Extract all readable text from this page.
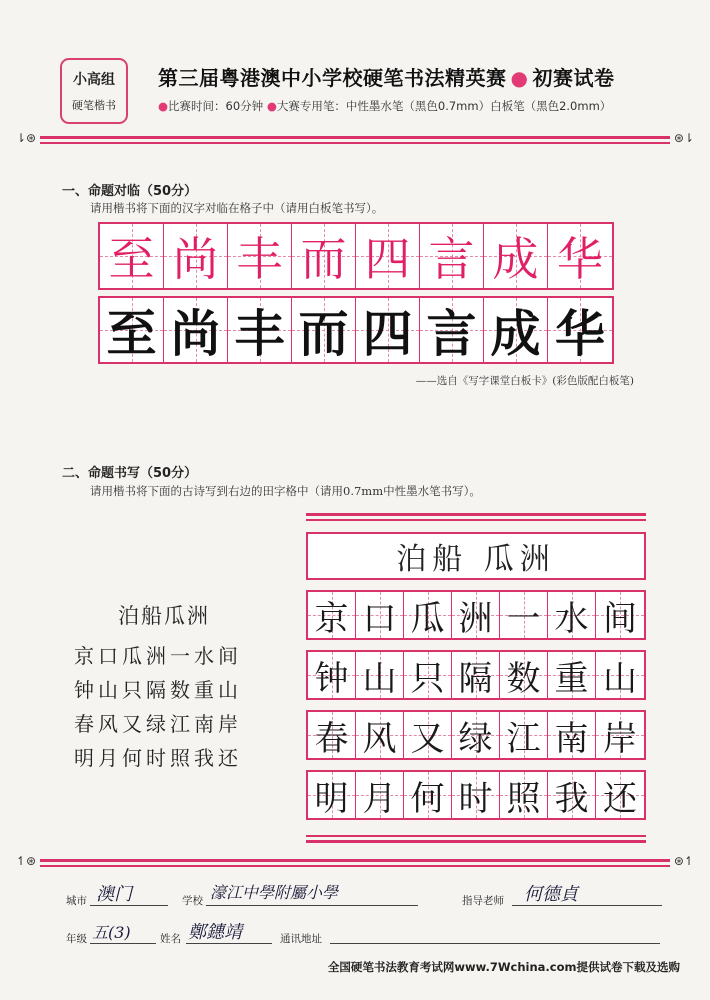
小高组
硬笔楷书
第三届粤港澳中小学校硬笔书法精英赛 ● 初赛试卷
●比赛时间：60分钟 ●大赛专用笔：中性墨水笔（黑色0.7mm）白板笔（黑色2.0mm）
⇂⊛	⊛⇂
一、命题对临（50分）
请用楷书将下面的汉字对临在格子中（请用白板笔书写）。
至 尚 丰 而 四 言 成 华
至 尚 丰 而 四 言 成 华
——选自《写字课堂白板卡》(彩色版配白板笔)
二、命题书写（50分）
请用楷书将下面的古诗写到右边的田字格中（请用0.7mm中性墨水笔书写）。
泊船瓜洲
京口瓜洲一水间
钟山只隔数重山
春风又绿江南岸
明月何时照我还
泊船 瓜洲
京 口 瓜 洲 一 水 间
钟 山 只 隔 数 重 山
春 风 又 绿 江 南 岸
明 月 何 时 照 我 还
↿⊛	⊛↿
城市 澳门	学校 濠江中學附屬小學	指导老师 何德貞
年级 五(3)	姓名 鄭鏸靖	通讯地址
全国硬笔书法教育考试网www.7Wchina.com提供试卷下载及选购
